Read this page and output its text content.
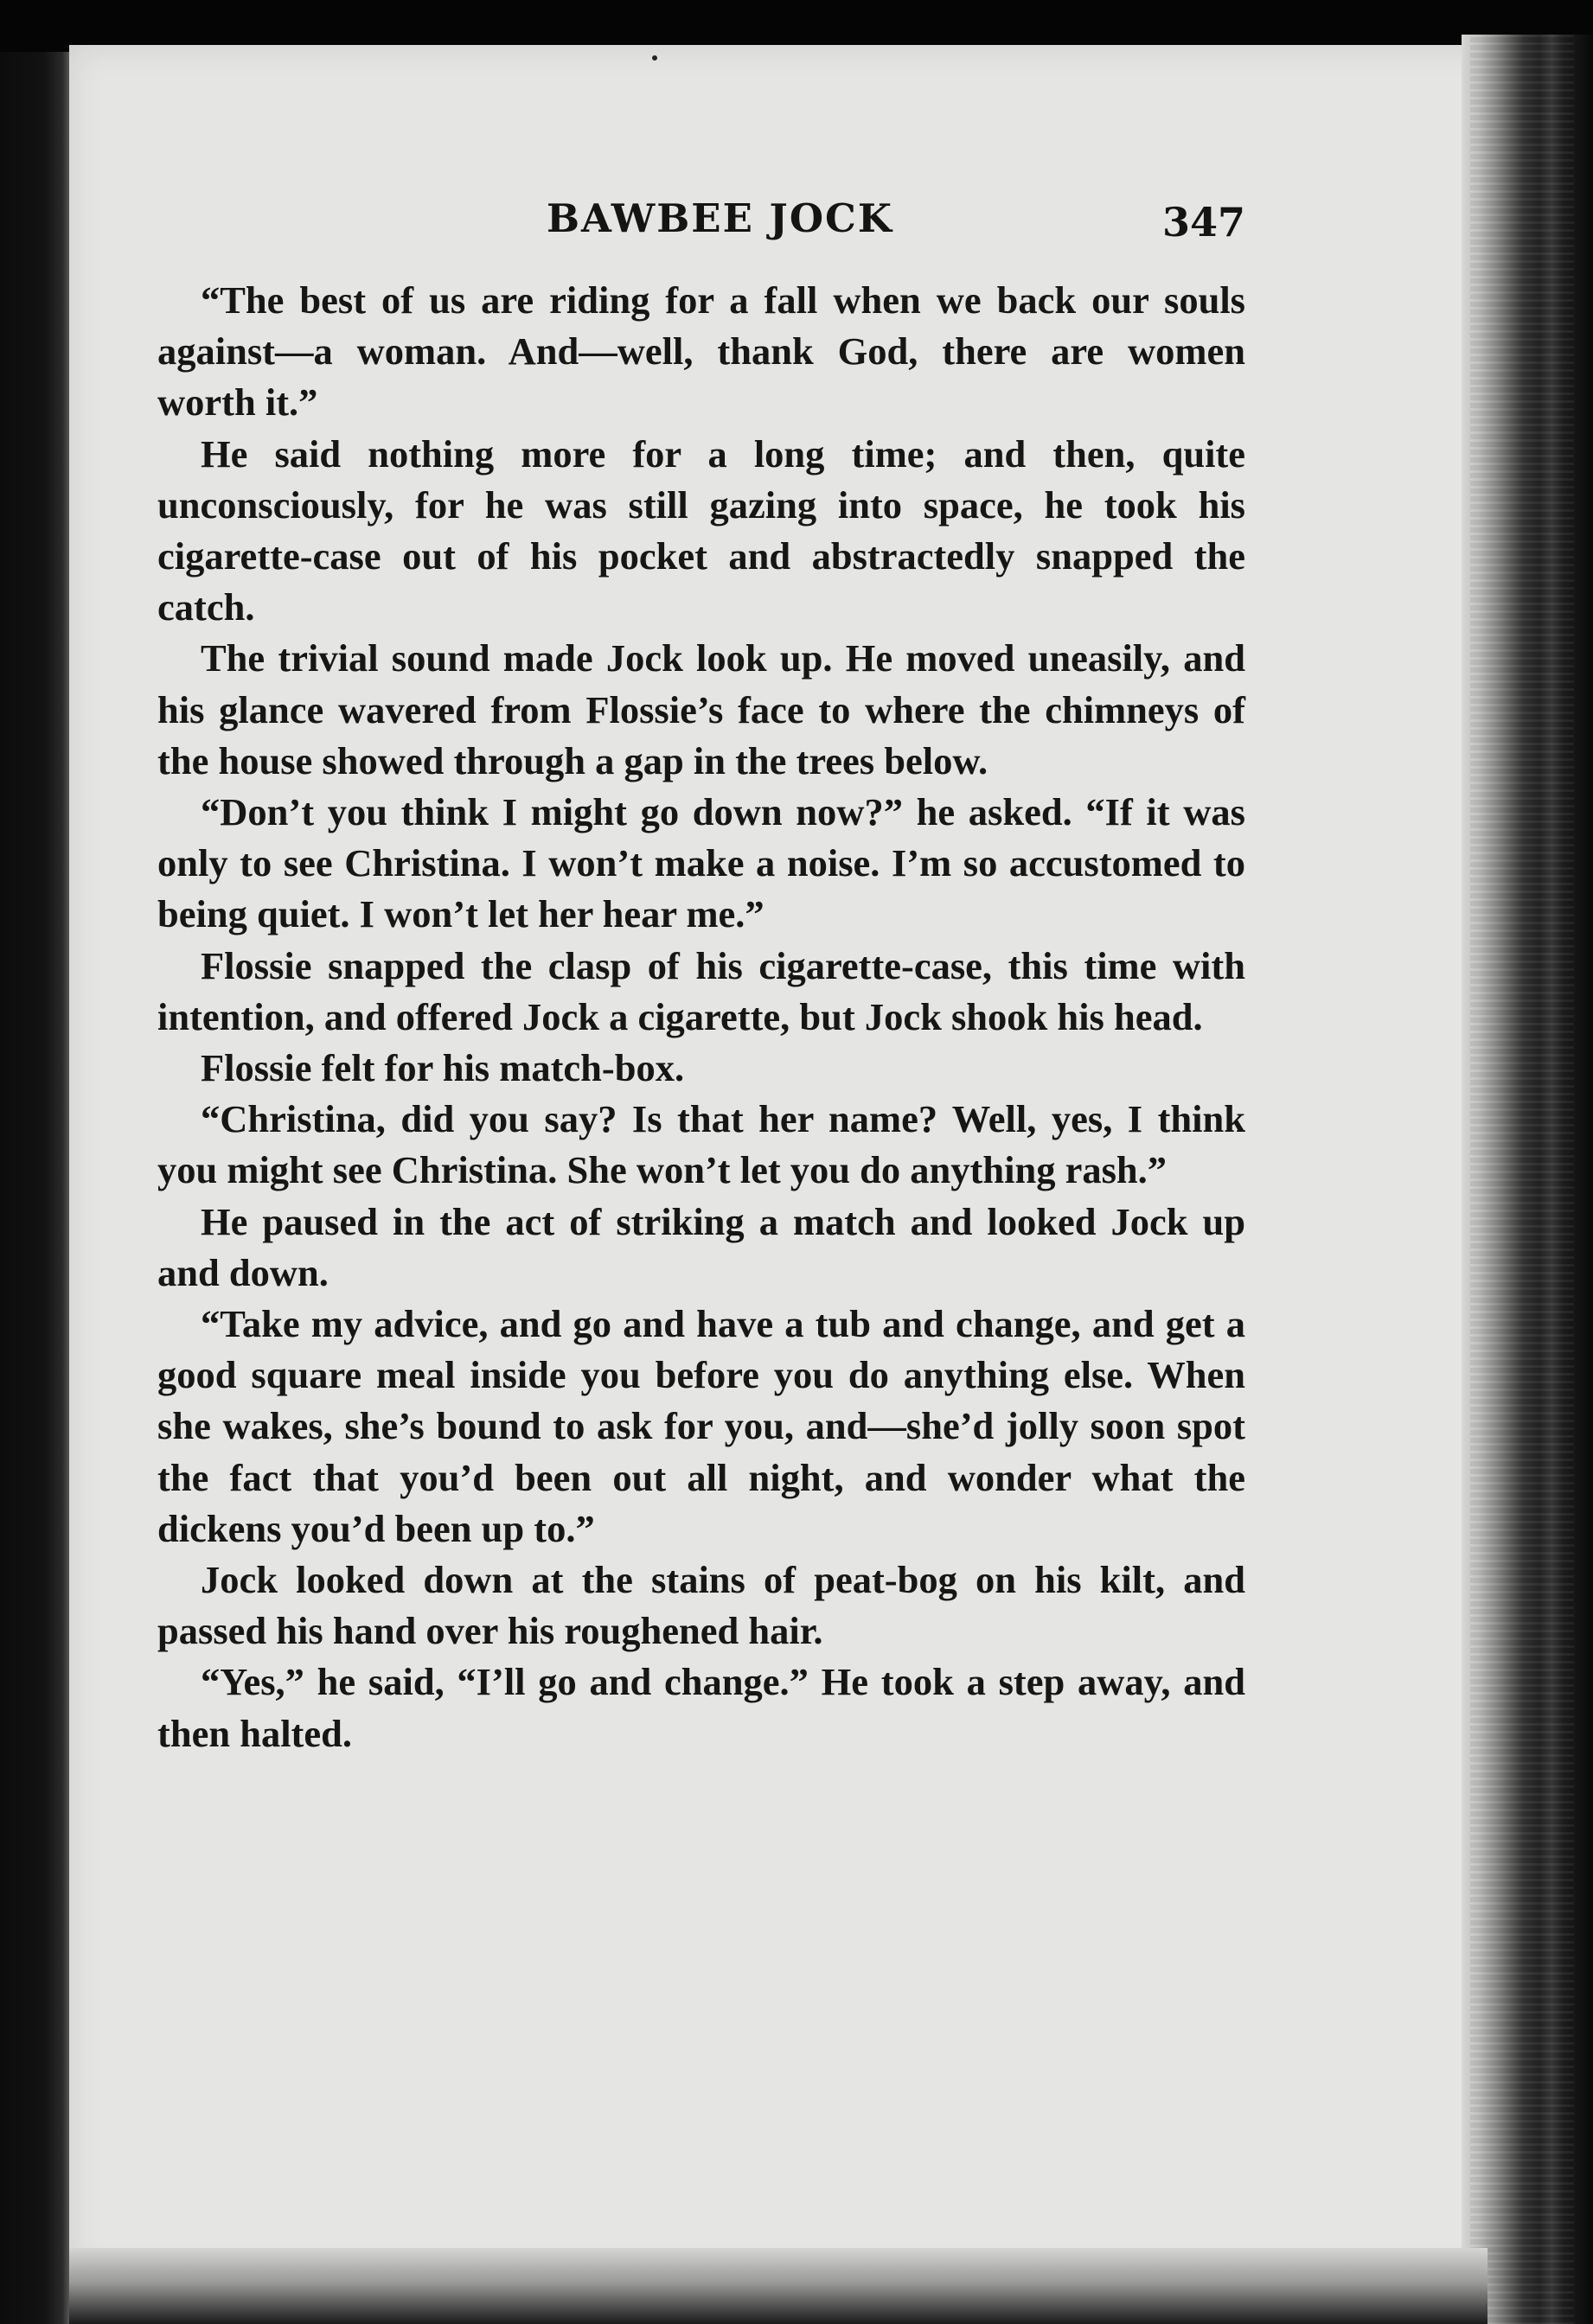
BAWBEE JOCK	347

“The best of us are riding for a fall when we back our souls against—a woman. And—well, thank God, there are women worth it.”

He said nothing more for a long time; and then, quite unconsciously, for he was still gazing into space, he took his cigarette-case out of his pocket and abstractedly snapped the catch.

The trivial sound made Jock look up. He moved uneasily, and his glance wavered from Flossie’s face to where the chimneys of the house showed through a gap in the trees below.

“Don’t you think I might go down now?” he asked. “If it was only to see Christina. I won’t make a noise. I’m so accustomed to being quiet. I won’t let her hear me.”

Flossie snapped the clasp of his cigarette-case, this time with intention, and offered Jock a cigarette, but Jock shook his head.

Flossie felt for his match-box.

“Christina, did you say? Is that her name? Well, yes, I think you might see Christina. She won’t let you do anything rash.”

He paused in the act of striking a match and looked Jock up and down.

“Take my advice, and go and have a tub and change, and get a good square meal inside you before you do anything else. When she wakes, she’s bound to ask for you, and—she’d jolly soon spot the fact that you’d been out all night, and wonder what the dickens you’d been up to.”

Jock looked down at the stains of peat-bog on his kilt, and passed his hand over his roughened hair.

“Yes,” he said, “I’ll go and change.” He took a step away, and then halted.
